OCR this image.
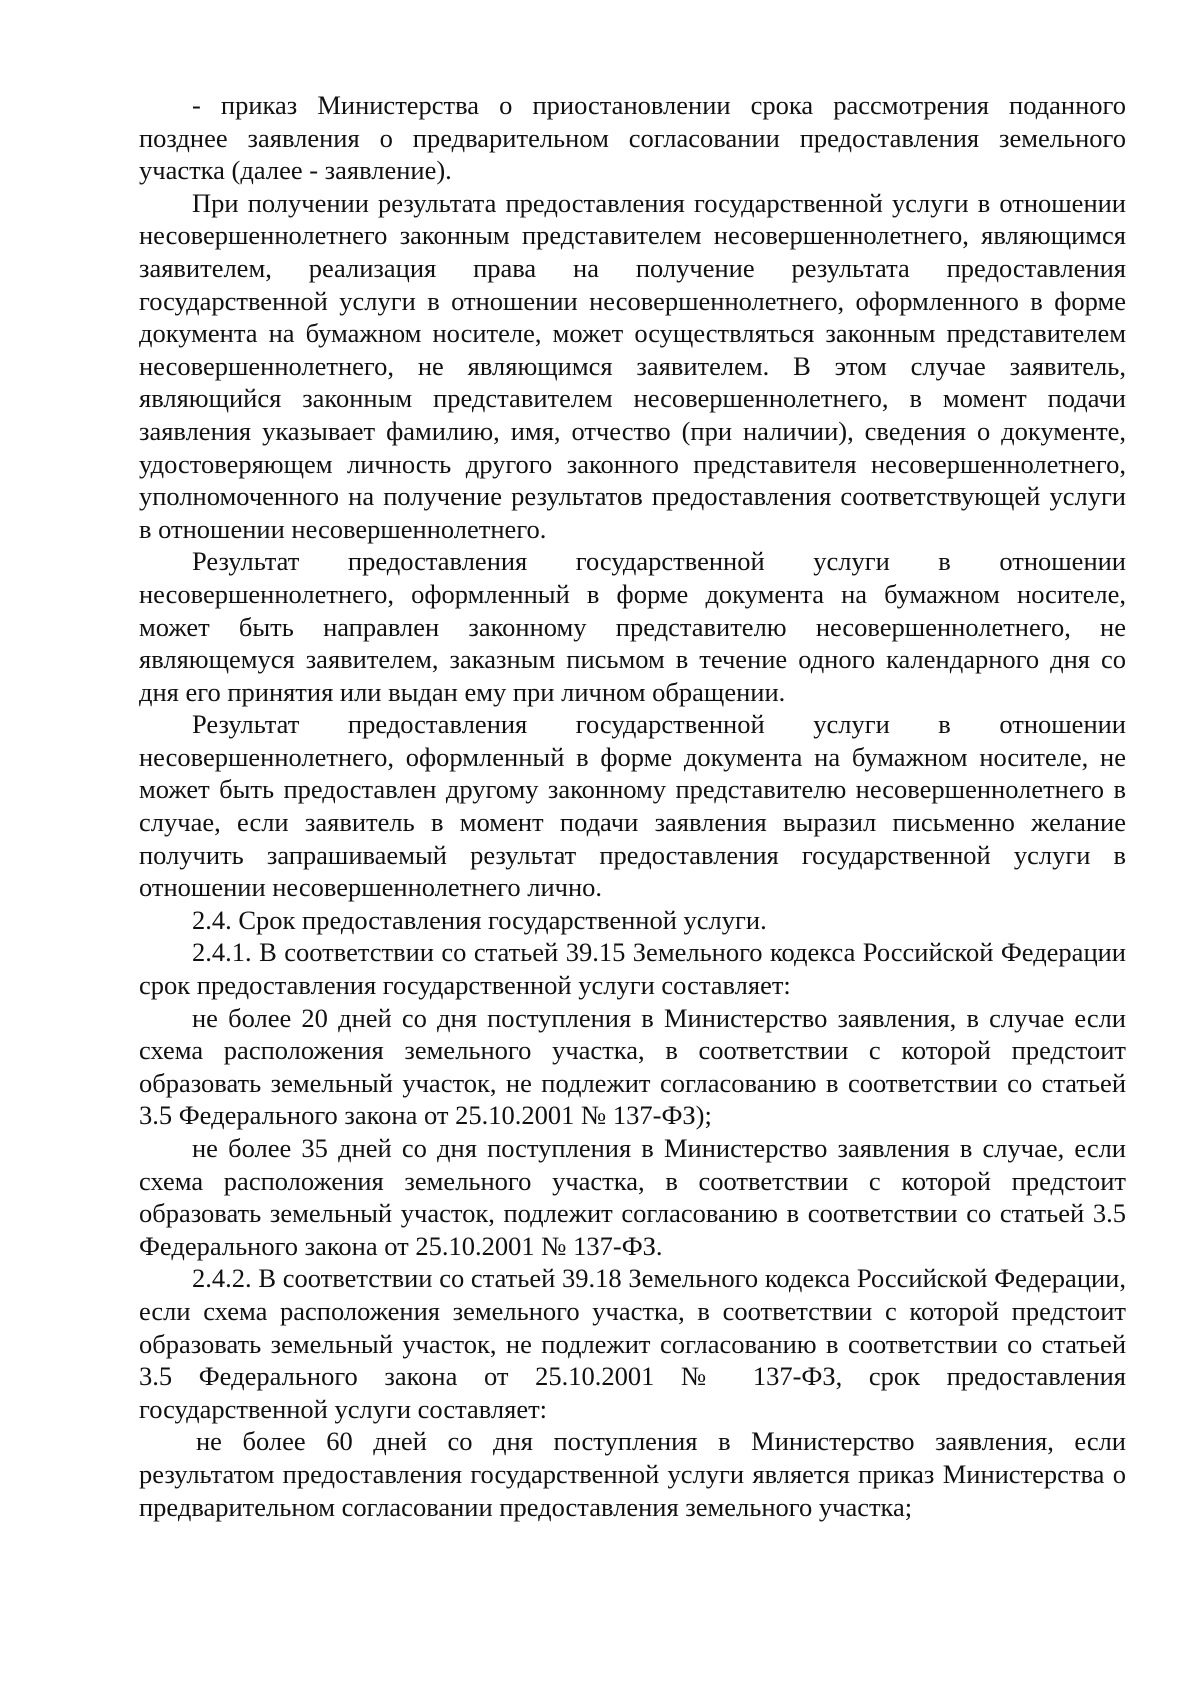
- приказ Министерства о приостановлении срока рассмотрения поданного позднее заявления о предварительном согласовании предоставления земельного участка (далее - заявление).

При получении результата предоставления государственной услуги в отношении несовершеннолетнего законным представителем несовершеннолетнего, являющимся заявителем, реализация права на получение результата предоставления государственной услуги в отношении несовершеннолетнего, оформленного в форме документа на бумажном носителе, может осуществляться законным представителем несовершеннолетнего, не являющимся заявителем. В этом случае заявитель, являющийся законным представителем несовершеннолетнего, в момент подачи заявления указывает фамилию, имя, отчество (при наличии), сведения о документе, удостоверяющем личность другого законного представителя несовершеннолетнего, уполномоченного на получение результатов предоставления соответствующей услуги в отношении несовершеннолетнего.

Результат предоставления государственной услуги в отношении несовершеннолетнего, оформленный в форме документа на бумажном носителе, может быть направлен законному представителю несовершеннолетнего, не являющемуся заявителем, заказным письмом в течение одного календарного дня со дня его принятия или выдан ему при личном обращении.

Результат предоставления государственной услуги в отношении несовершеннолетнего, оформленный в форме документа на бумажном носителе, не может быть предоставлен другому законному представителю несовершеннолетнего в случае, если заявитель в момент подачи заявления выразил письменно желание получить запрашиваемый результат предоставления государственной услуги в отношении несовершеннолетнего лично.

2.4. Срок предоставления государственной услуги.

2.4.1. В соответствии со статьей 39.15 Земельного кодекса Российской Федерации срок предоставления государственной услуги составляет:

не более 20 дней со дня поступления в Министерство заявления, в случае если схема расположения земельного участка, в соответствии с которой предстоит образовать земельный участок, не подлежит согласованию в соответствии со статьей 3.5 Федерального закона от 25.10.2001 № 137-ФЗ);

не более 35 дней со дня поступления в Министерство заявления в случае, если схема расположения земельного участка, в соответствии с которой предстоит образовать земельный участок, подлежит согласованию в соответствии со статьей 3.5 Федерального закона от 25.10.2001 № 137-ФЗ.

2.4.2. В соответствии со статьей 39.18 Земельного кодекса Российской Федерации, если схема расположения земельного участка, в соответствии с которой предстоит образовать земельный участок, не подлежит согласованию в соответствии со статьей 3.5 Федерального закона от 25.10.2001 № 137-ФЗ, срок предоставления государственной услуги составляет:

не более 60 дней со дня поступления в Министерство заявления, если результатом предоставления государственной услуги является приказ Министерства о предварительном согласовании предоставления земельного участка;
